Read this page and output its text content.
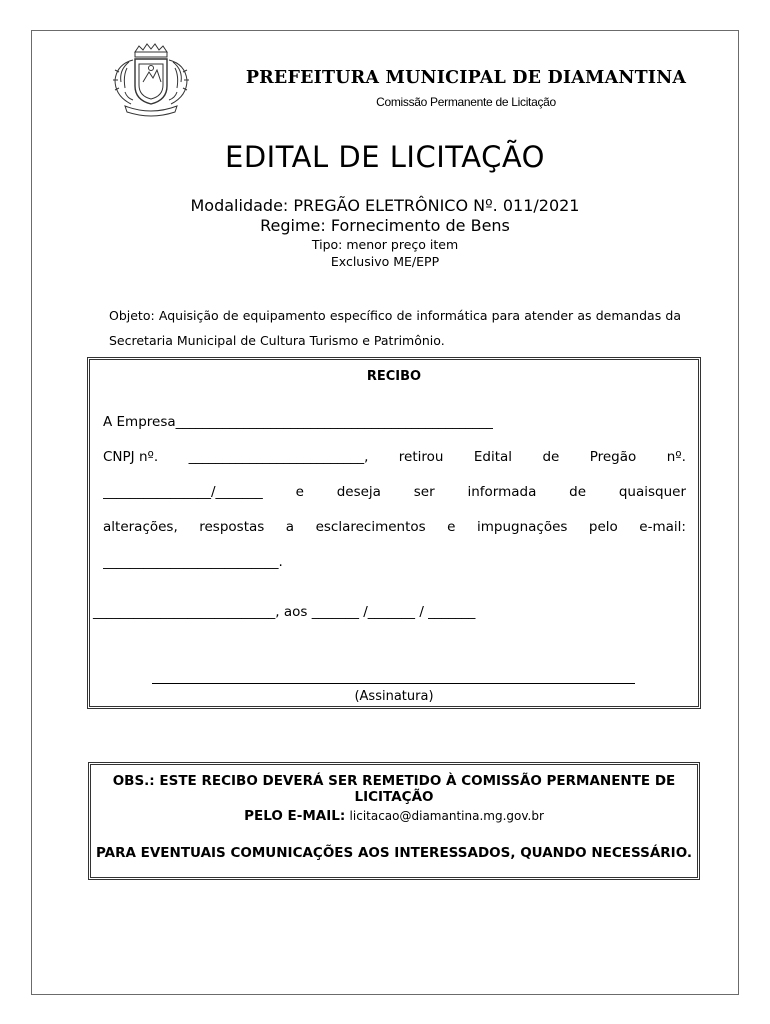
PREFEITURA MUNICIPAL DE DIAMANTINA
Comissão Permanente de Licitação
EDITAL DE LICITAÇÃO
Modalidade: PREGÃO ELETRÔNICO Nº. 011/2021
Regime: Fornecimento de Bens
Tipo: menor preço item
Exclusivo ME/EPP
Objeto: Aquisição de equipamento específico de informática para atender as demandas da Secretaria Municipal de Cultura Turismo e Patrimônio.
RECIBO
A Empresa_______________________________________________
CNPJ nº. __________________________, retirou Edital de Pregão nº.
________________/_______ e deseja ser informada de quaisquer
alterações, respostas a esclarecimentos e impugnações pelo e-mail:
__________________________.
___________________________, aos _______ /_______ / _______
(Assinatura)
OBS.: ESTE RECIBO DEVERÁ SER REMETIDO À COMISSÃO PERMANENTE DE LICITAÇÃO
PELO E-MAIL: licitacao@diamantina.mg.gov.br
PARA EVENTUAIS COMUNICAÇÕES AOS INTERESSADOS, QUANDO NECESSÁRIO.
